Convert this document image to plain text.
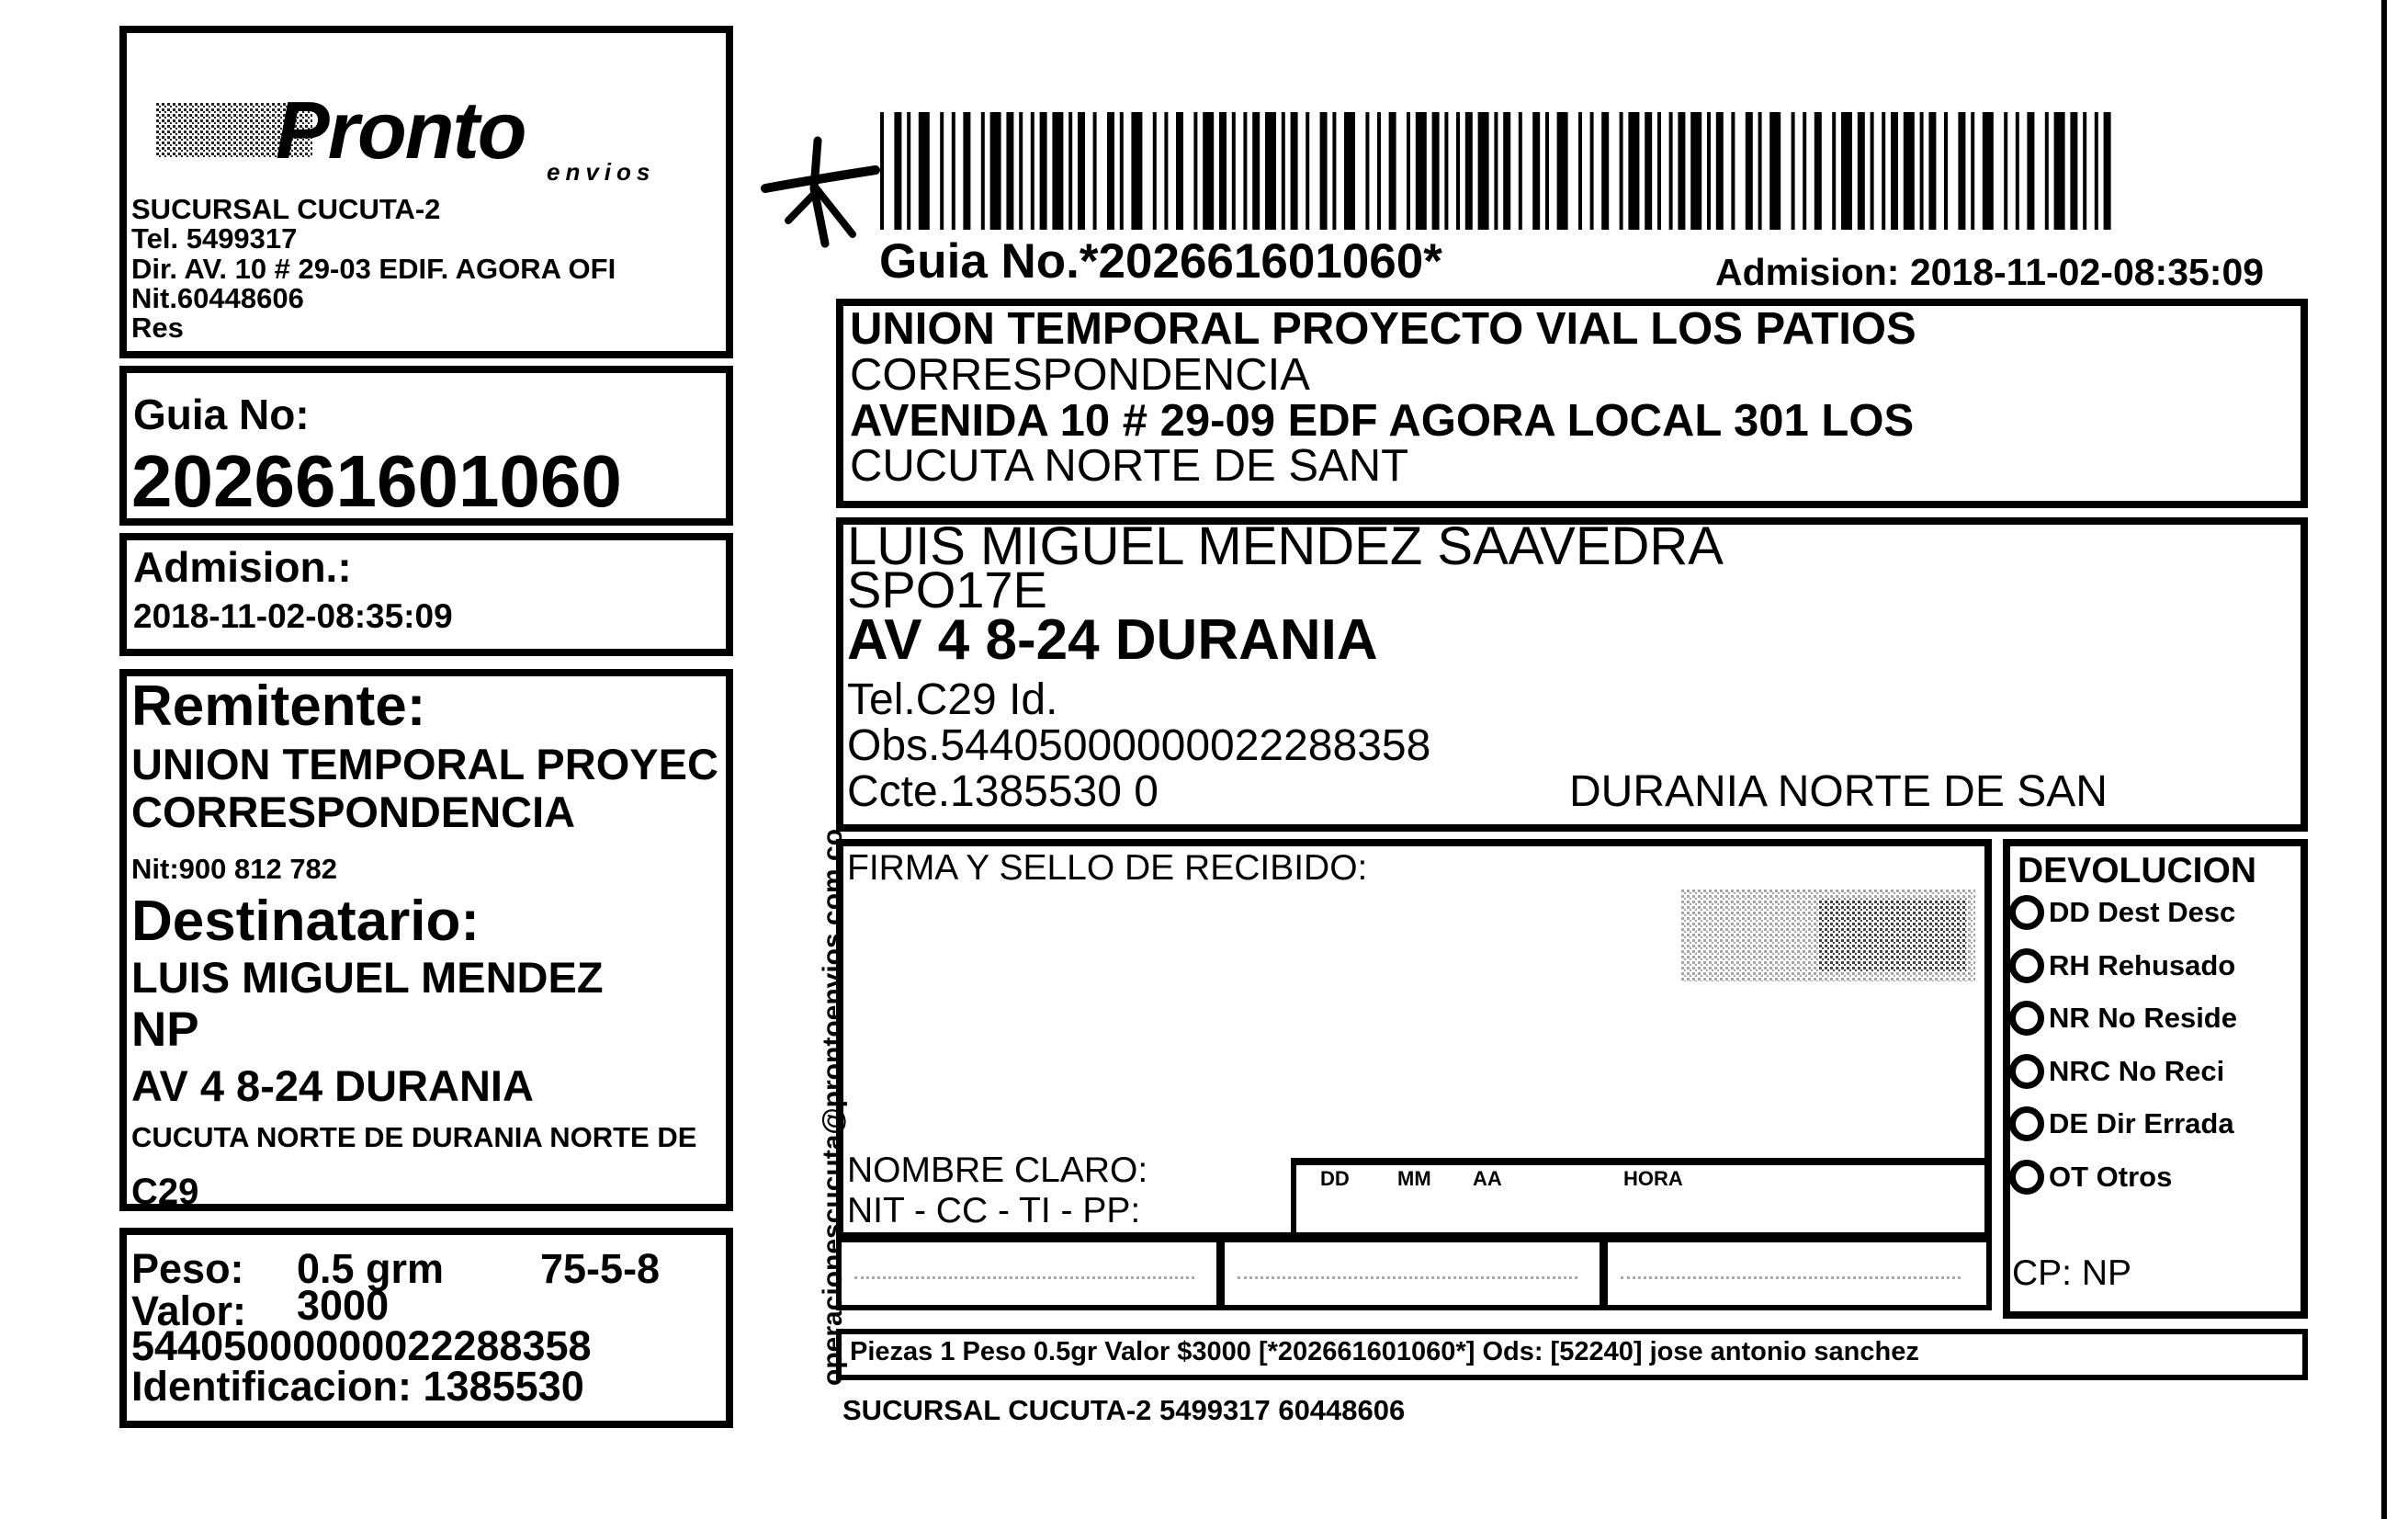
Pronto envios
SUCURSAL CUCUTA-2
Tel. 5499317
Dir. AV. 10 # 29-03 EDIF. AGORA OFI
Nit.60448606
Res
Guia No:
202661601060
Admision.:
2018-11-02-08:35:09
Remitente:
UNION TEMPORAL PROYEC
CORRESPONDENCIA
Nit:900 812 782
Destinatario:
LUIS MIGUEL MENDEZ
NP
AV 4 8-24 DURANIA
CUCUTA NORTE DE DURANIA NORTE DE
C29
Peso: 0.5 grm 75-5-8
Valor: 3000
54405000000022288358
Identificacion: 1385530
operacionescucuta@prontoenvios.com.co
Guia No.*202661601060*	Admision: 2018-11-02-08:35:09
UNION TEMPORAL PROYECTO VIAL LOS PATIOS
CORRESPONDENCIA
AVENIDA 10 # 29-09 EDF AGORA LOCAL 301 LOS
CUCUTA NORTE DE SANT
LUIS MIGUEL MENDEZ SAAVEDRA
SPO17E
AV 4 8-24 DURANIA
Tel.C29 Id.
Obs.54405000000022288358
Ccte.1385530 0	DURANIA NORTE DE SAN
FIRMA Y SELLO DE RECIBIDO:
NOMBRE CLARO:
NIT - CC - TI - PP:
DD MM AA	HORA
DEVOLUCION
DD Dest Desc
RH Rehusado
NR No Reside
NRC No Reci
DE Dir Errada
OT Otros
CP: NP
Piezas 1 Peso 0.5gr Valor $3000 [*202661601060*] Ods: [52240] jose antonio sanchez
SUCURSAL CUCUTA-2 5499317 60448606
